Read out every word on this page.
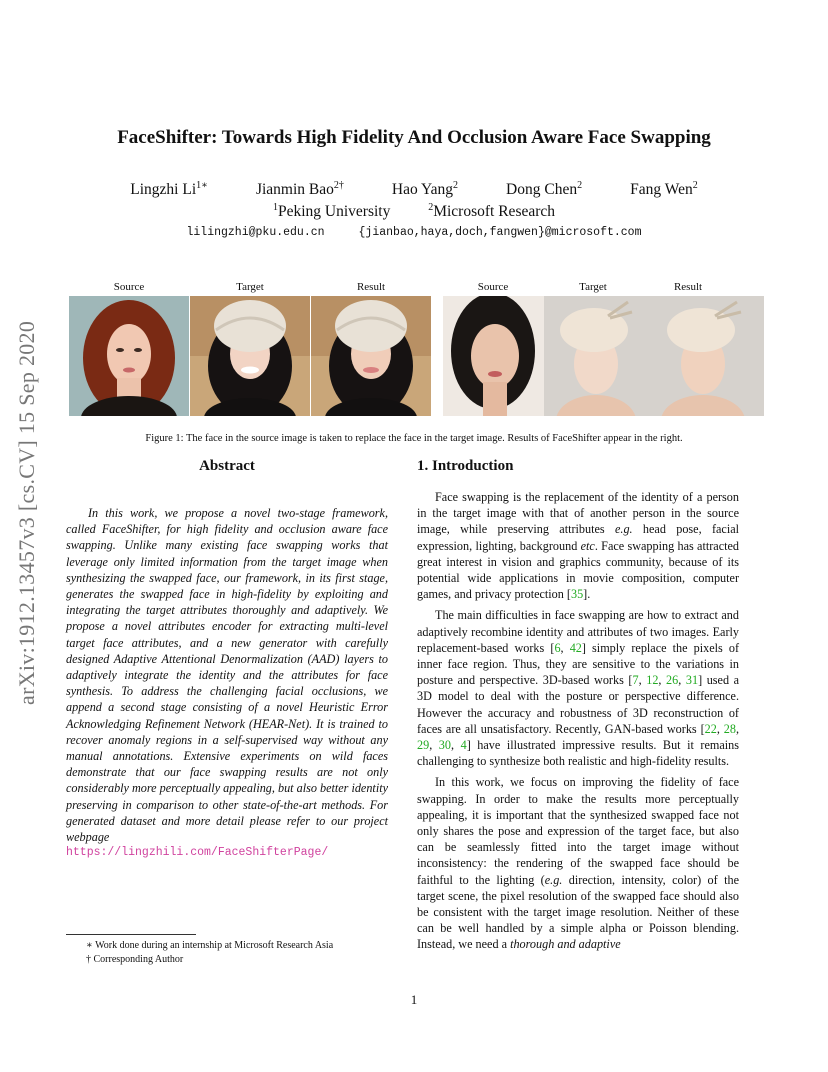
arXiv:1912.13457v3 [cs.CV] 15 Sep 2020
FaceShifter: Towards High Fidelity And Occlusion Aware Face Swapping
Lingzhi $Li^{1∗}$	Jianmin Bao$^{2\dagger}$	Hao Yang$^2$	Dong Chen$^2$	Fang Wen$^2$
$^1$Peking University	$^2$Microsoft Research
lilingzhi@pku.edu.cn	{jianbao,haya,doch,fangwen}@microsoft.com
Source	Target	Result	Source	Target	Result
Figure 1: The face in the source image is taken to replace the face in the target image. Results of FaceShifter appear in the right.
Abstract	1. Introduction

In this work, we propose a novel two-stage framework, called FaceShifter, for high fidelity and occlusion aware face swapping. Unlike many existing face swapping works that leverage only limited information from the target image when synthesizing the swapped face, our framework, in its first stage, generates the swapped face in high-fidelity by exploiting and integrating the target attributes thoroughly and adaptively. We propose a novel attributes encoder for extracting multi-level target face attributes, and a new generator with carefully designed Adaptive Attentional Denormalization (AAD) layers to adaptively integrate the identity and the attributes for face synthesis. To address the challenging facial occlusions, we append a second stage consisting of a novel Heuristic Error Acknowledging Refinement Network (HEAR-Net). It is trained to recover anomaly regions in a self-supervised way without any manual annotations. Extensive experiments on wild faces demonstrate that our face swapping results are not only considerably more perceptually appealing, but also better identity preserving in comparison to other state-of-the-art methods. For generated dataset and more detail please refer to our project webpage
https://lingzhili.com/FaceShifterPage/

Face swapping is the replacement of the identity of a person in the target image with that of another person in the source image, while preserving attributes e.g. head pose, facial expression, lighting, background etc. Face swapping has attracted great interest in vision and graphics community, because of its potential wide applications in movie composition, computer games, and privacy protection [35].

The main difficulties in face swapping are how to extract and adaptively recombine identity and attributes of two images. Early replacement-based works [6, 42] simply replace the pixels of inner face region. Thus, they are sensitive to the variations in posture and perspective. 3D-based works [7, 12, 26, 31] used a 3D model to deal with the posture or perspective difference. However the accuracy and robustness of 3D reconstruction of faces are all unsatisfactory. Recently, GAN-based works [22, 28, 29, 30, 4] have illustrated impressive results. But it remains challenging to synthesize both realistic and high-fidelity results.

In this work, we focus on improving the fidelity of face swapping. In order to make the results more perceptually appealing, it is important that the synthesized swapped face not only shares the pose and expression of the target face, but also can be seamlessly fitted into the target image without inconsistency: the rendering of the swapped face should be faithful to the lighting (e.g. direction, intensity, color) of the target scene, the pixel resolution of the swapped face should also be consistent with the target image resolution. Neither of these can be well handled by a simple alpha or Poisson blending. Instead, we need a thorough and adaptive

∗ Work done during an internship at Microsoft Research Asia
† Corresponding Author
1
